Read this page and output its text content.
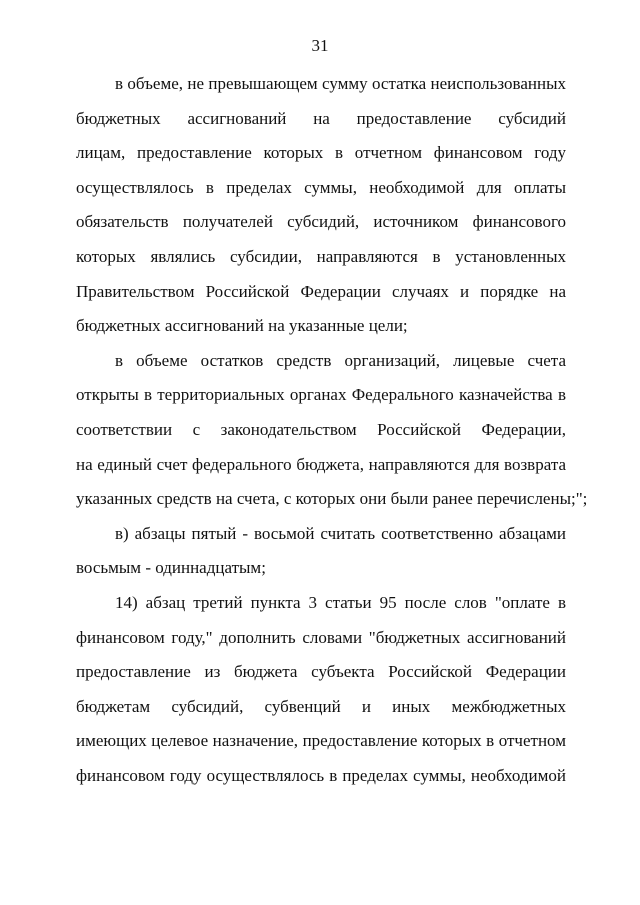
31
в объеме, не превышающем сумму остатка неиспользованных
бюджетных ассигнований на предоставление субсидий
лицам, предоставление которых в отчетном финансовом году
осуществлялось в пределах суммы, необходимой для оплаты
обязательств получателей субсидий, источником финансового
которых являлись субсидии, направляются в установленных
Правительством Российской Федерации случаях и порядке на
бюджетных ассигнований на указанные цели;
в объеме остатков средств организаций, лицевые счета
открыты в территориальных органах Федерального казначейства в
соответствии с законодательством Российской Федерации,
на единый счет федерального бюджета, направляются для возврата
указанных средств на счета, с которых они были ранее перечислены;";
в) абзацы пятый - восьмой считать соответственно абзацами
восьмым - одиннадцатым;
14) абзац третий пункта 3 статьи 95 после слов "оплате в
финансовом году," дополнить словами "бюджетных ассигнований
предоставление из бюджета субъекта Российской Федерации
бюджетам субсидий, субвенций и иных межбюджетных
имеющих целевое назначение, предоставление которых в отчетном
финансовом году осуществлялось в пределах суммы, необходимой
